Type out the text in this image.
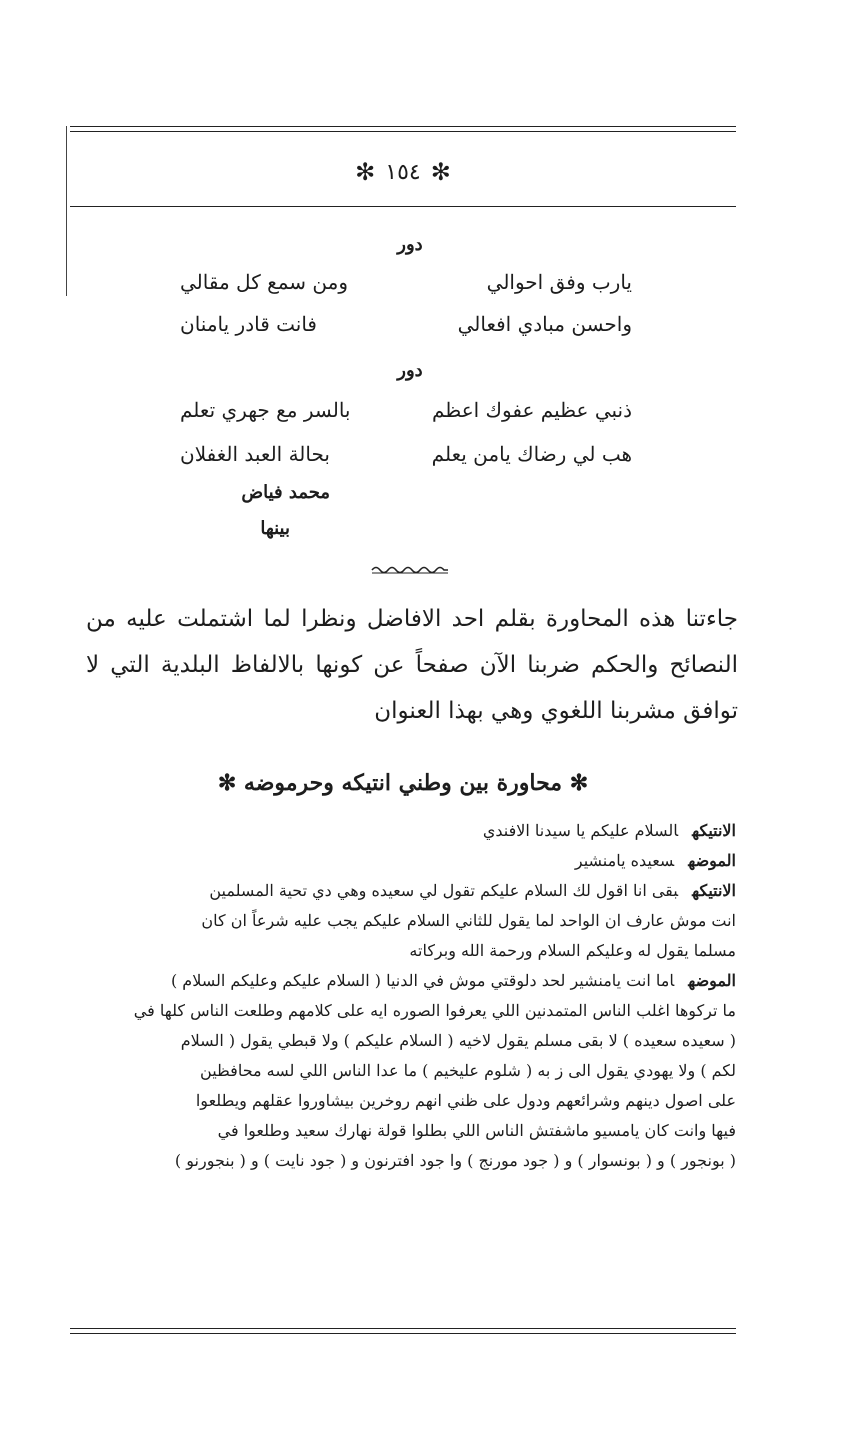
✻
١٥٤
✻
دور
يارب وفق احوالي
ومن سمع كل مقالي
واحسن مبادي افعالي
فانت قادر يامنان
دور
ذنبي عظيم عفوك اعظم
بالسر مع جهري تعلم
هب لي رضاك يامن يعلم
بحالة العبد الغفلان
محمد فياض
بينها
جاءتنا هذه المحاورة بقلم احد الافاضل ونظرا لما اشتملت عليه من النصائح والحكم ضربنا الآن صفحاً عن كونها بالالفاظ البلدية التي لا توافق مشربنا اللغوي وهي بهذا العنوان
✻ محاورة بين وطني انتيكه وحرموضه ✻
الانتيكهالسلام عليكم يا سيدنا الافندي
الموضهسعيده يامنشير
الانتيكهبقى انا اقول لك السلام عليكم تقول لي سعيده وهي دي تحية المسلمين
انت موش عارف ان الواحد لما يقول للثاني السلام عليكم يجب عليه شرعاً ان كان
مسلما يقول له وعليكم السلام ورحمة الله وبركاته
الموضهاما انت يامنشير لحد دلوقتي موش في الدنيا ( السلام عليكم وعليكم السلام )
ما تركوها اغلب الناس المتمدنين اللي يعرفوا الصوره ايه على كلامهم وطلعت الناس كلها في
( سعيده سعيده ) لا بقى مسلم يقول لاخيه ( السلام عليكم ) ولا قبطي يقول ( السلام
لكم ) ولا يهودي يقول الى ز به ( شلوم عليخيم ) ما عدا الناس اللي لسه محافظين
على اصول دينهم وشرائعهم ودول على ظني انهم روخرين بيشاوروا عقلهم ويطلعوا
فيها وانت كان يامسيو ماشفتش الناس اللي بطلوا قولة نهارك سعيد وطلعوا في
( بونجور ) و ( بونسوار ) و ( جود مورنج ) وا جود افترنون و ( جود نايت ) و ( بنجورنو )
